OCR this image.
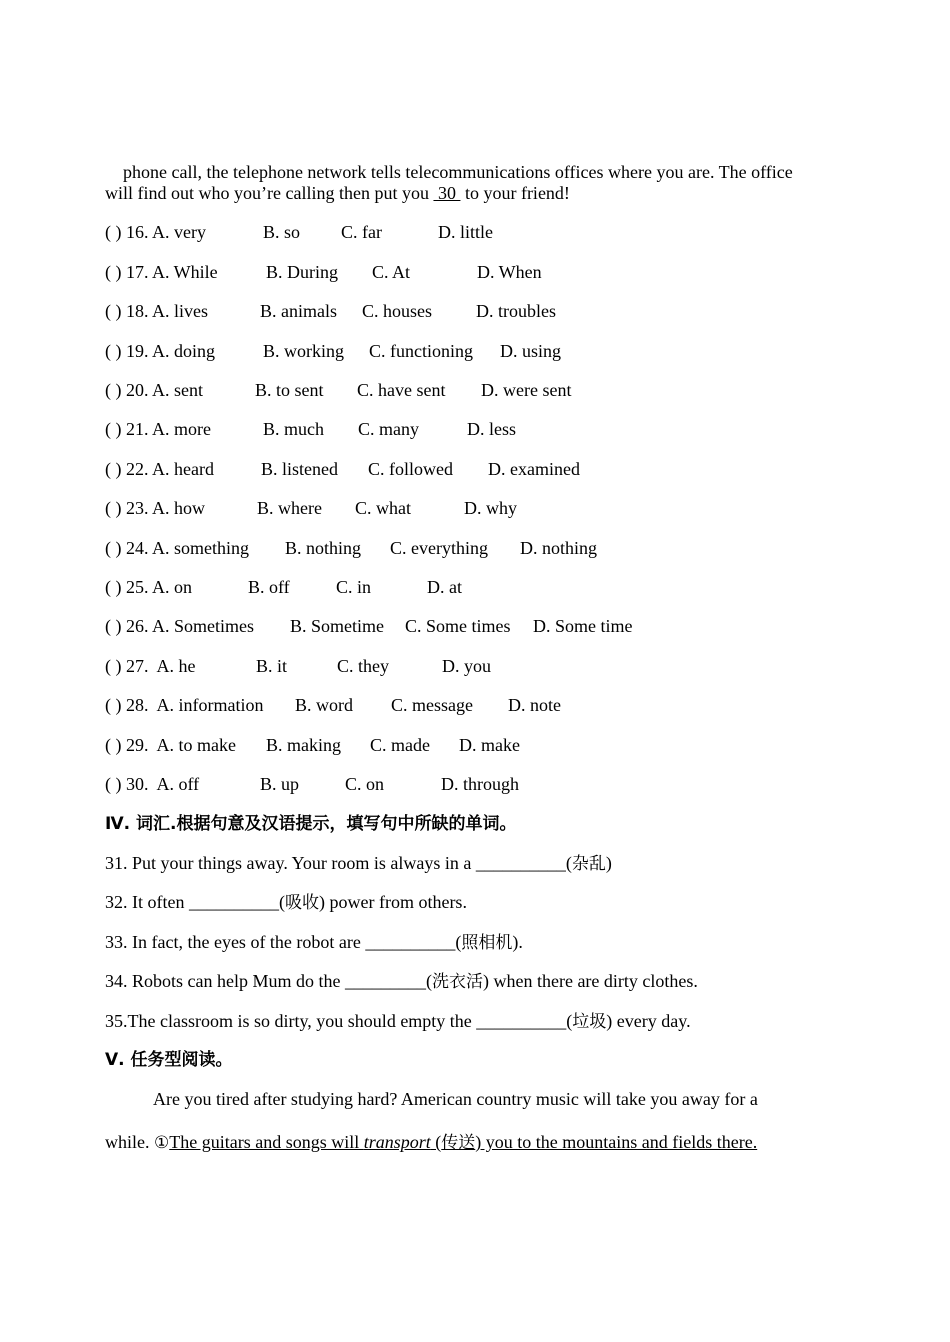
phone call, the telephone network tells telecommunications offices where you are. The office

will find out who you’re calling then put you  30  to your friend!
( ) 16. A. very	B. so C. far	D. little
( ) 17. A. While	B. During C. At	D. When
( ) 18. A. lives	B. animals C. houses D. troubles
( ) 19. A. doing	B. working C. functioning D. using
( ) 20. A. sent	B. to sent C. have sent D. were sent
( ) 21. A. more	B. much C. many	D. less
( ) 22. A. heard	B. listened C. followed D. examined
( ) 23. A. how	B. where C. what	D. why
( ) 24. A. something B. nothing C. everything D. nothing
( ) 25. A. on	B. off	C. in	D. at
( ) 26. A. Sometimes B. Sometime C. Some times D. Some time
( ) 27.  A. he	B. it	C. they	D. you
( ) 28.  A. information B. word C. message D. note
( ) 29.  A. to make B. making C. made D. make
( ) 30.  A. off	B. up	C. on	D. through
Ⅳ. 词汇.根据句意及汉语提示，填写句中所缺的单词。
31. Put your things away. Your room is always in a __________(杂乱)
32. It often __________(吸收) power from others.
33. In fact, the eyes of the robot are __________(照相机).
34. Robots can help Mum do the _________(洗衣活) when there are dirty clothes.
35.The classroom is so dirty, you should empty the __________(垃圾) every day.
Ⅴ. 任务型阅读。
Are you tired after studying hard? American country music will take you away for a
while. ①The guitars and songs will transport (传送) you to the mountains and fields there.
